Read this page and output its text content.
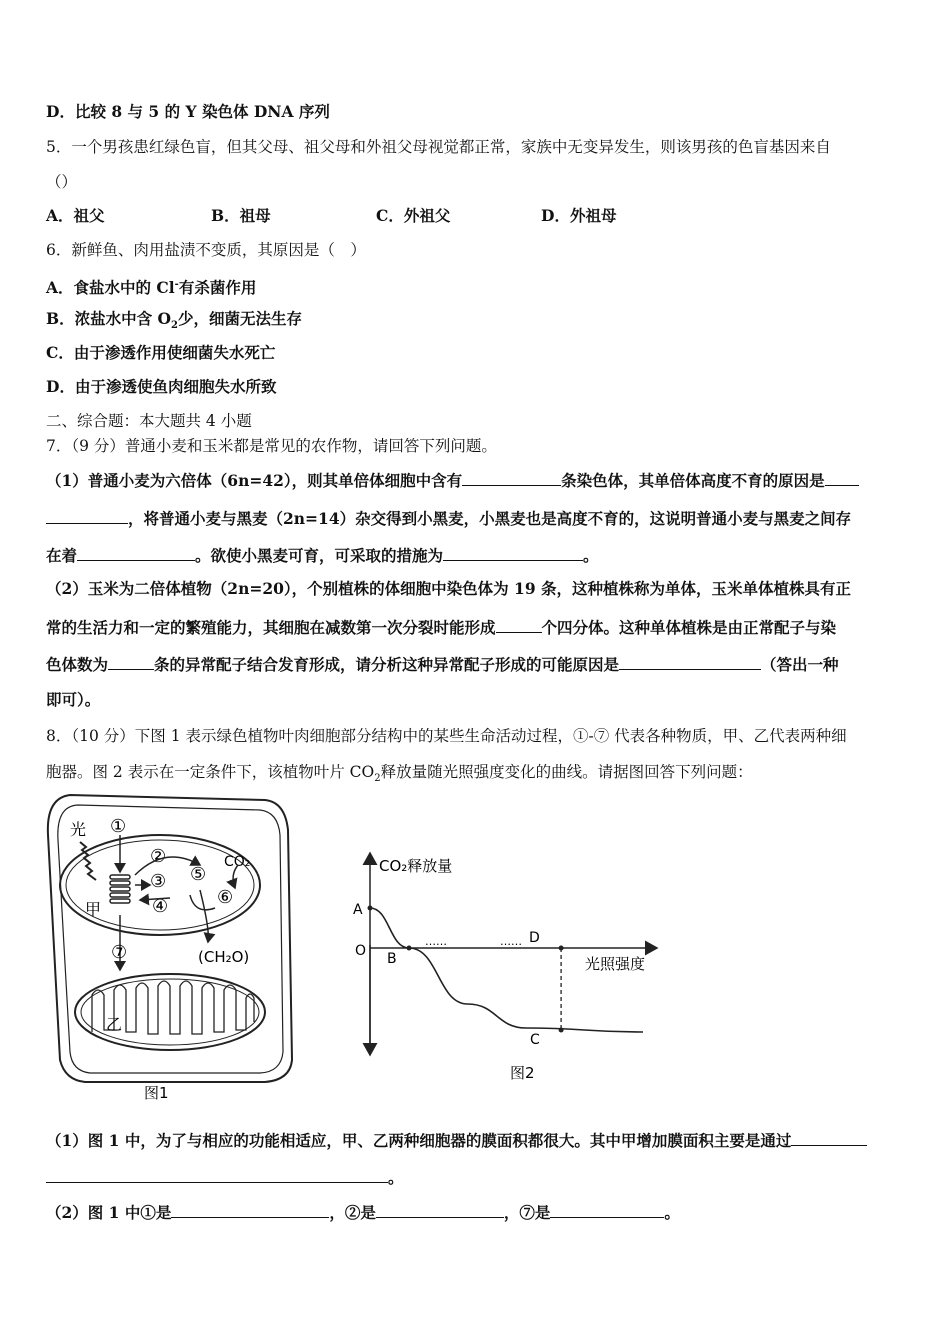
D．比较 8 与 5 的 Y 染色体 DNA 序列
5．一个男孩患红绿色盲，但其父母、祖父母和外祖父母视觉都正常，家族中无变异发生，则该男孩的色盲基因来自
（）
A．祖父	B．祖母	C．外祖父	D．外祖母
6．新鲜鱼、肉用盐渍不变质，其原因是（　）
A．食盐水中的 Cl-有杀菌作用
B．浓盐水中含 $O_2$少，细菌无法生存
C．由于渗透作用使细菌失水死亡
D．由于渗透使鱼肉细胞失水所致
二、综合题：本大题共 4 小题
7．（9 分）普通小麦和玉米都是常见的农作物，请回答下列问题。
（1）普通小麦为六倍体（6n=42），则其单倍体细胞中含有	条染色体，其单倍体高度不育的原因是
，将普通小麦与黑麦（2n=14）杂交得到小黑麦，小黑麦也是高度不育的，这说明普通小麦与黑麦之间存
在着	。欲使小黑麦可育，可采取的措施为	。
（2）玉米为二倍体植物（2n=20），个别植株的体细胞中染色体为 19 条，这种植株称为单体，玉米单体植株具有正
常的生活力和一定的繁殖能力，其细胞在减数第一次分裂时能形成	个四分体。这种单体植株是由正常配子与染
色体数为	条的异常配子结合发育形成，请分析这种异常配子形成的可能原因是	（答出一种
即可）。
8．（10 分）下图 1 表示绿色植物叶肉细胞部分结构中的某些生命活动过程，①-⑦ 代表各种物质，甲、乙代表两种细
胞器。图 2 表示在一定条件下，该植物叶片 $CO_2$释放量随光照强度变化的曲线。请据图回答下列问题：
光
甲
①
②
③
④
⑤
⑥
CO₂
(CH₂O)
⑦
乙
图1
CO₂释放量
光照强度
A
O B
D
C
……	……
图2
（1）图 1 中，为了与相应的功能相适应，甲、乙两种细胞器的膜面积都很大。其中甲增加膜面积主要是通过
。
（2）图 1 中①是	，②是	，⑦是	。
